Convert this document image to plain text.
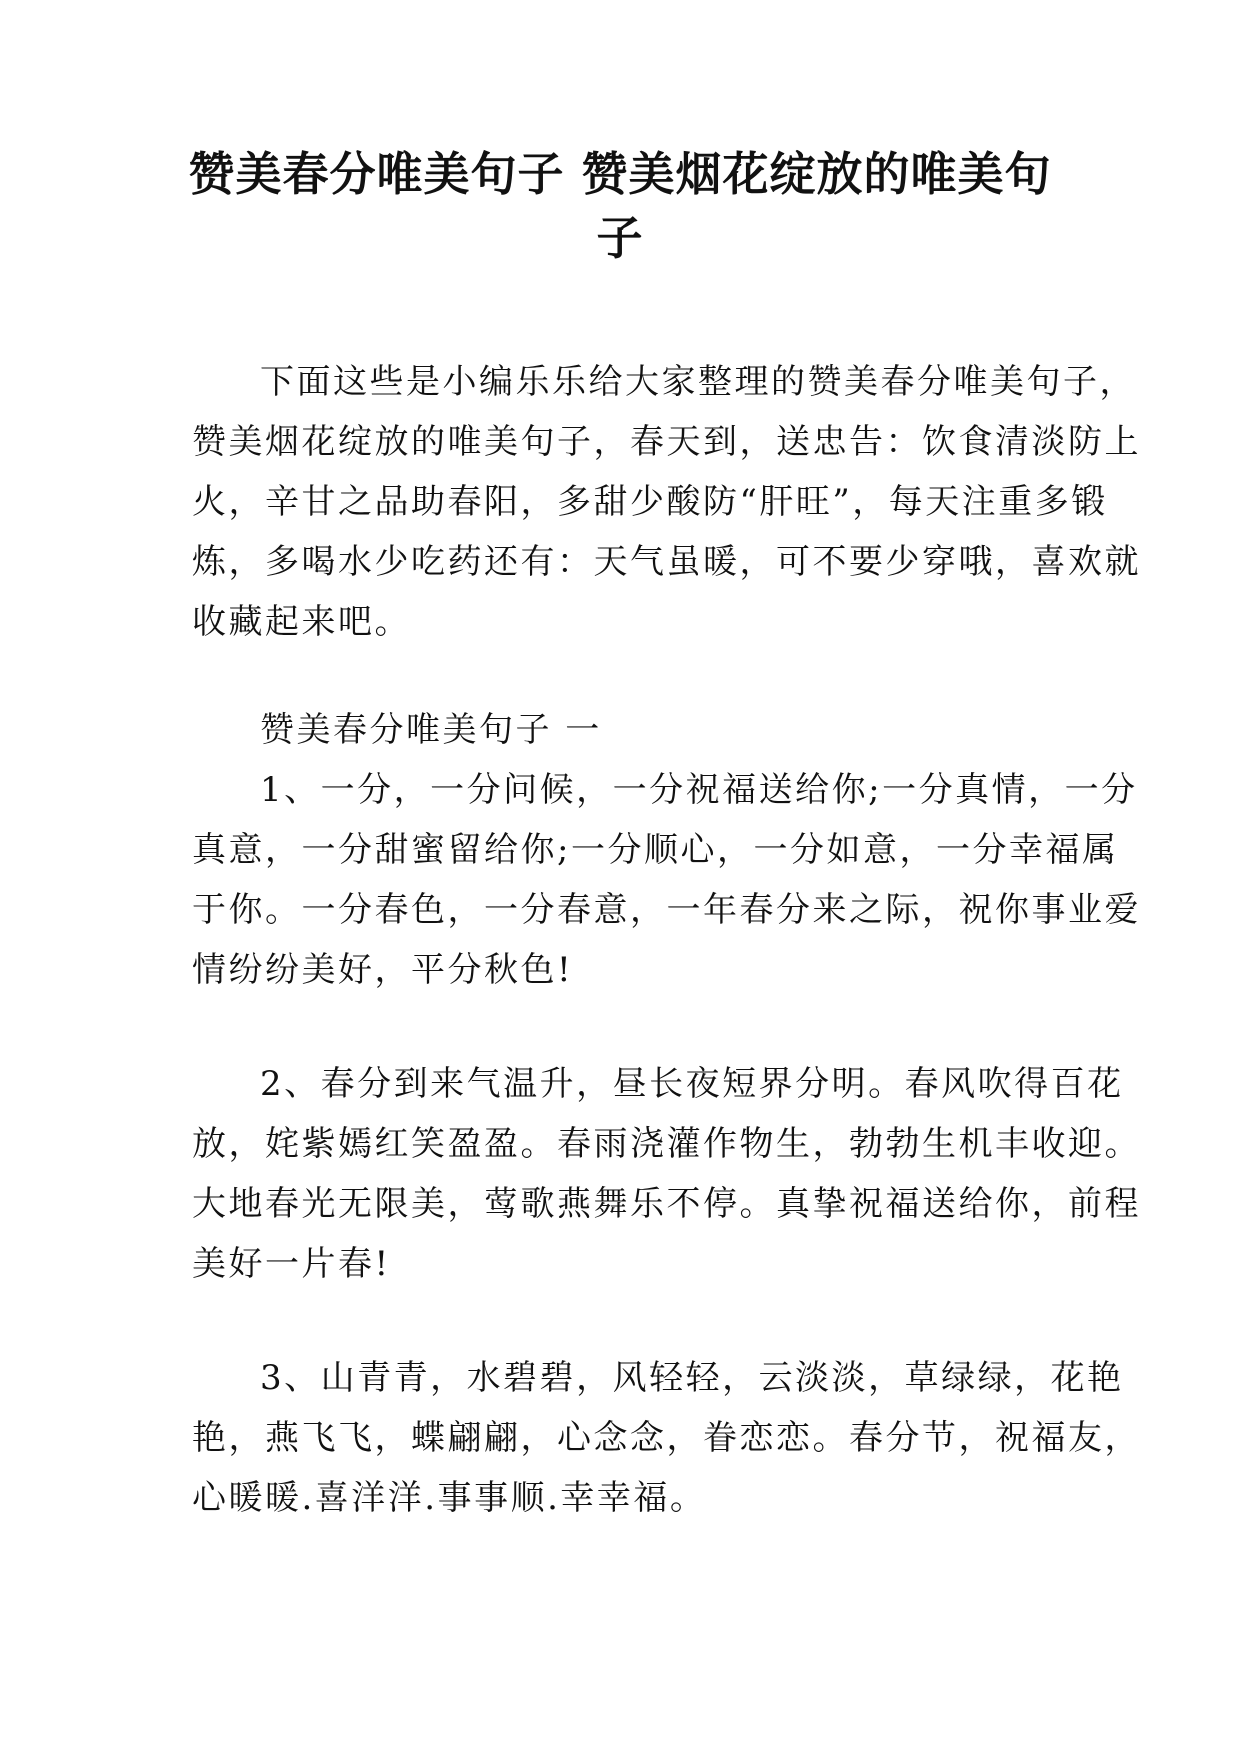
赞美春分唯美句子 赞美烟花绽放的唯美句
子
下面这些是小编乐乐给大家整理的赞美春分唯美句子，
赞美烟花绽放的唯美句子，春天到，送忠告：饮食清淡防上
火，辛甘之品助春阳，多甜少酸防“肝旺”，每天注重多锻
炼，多喝水少吃药还有：天气虽暖，可不要少穿哦，喜欢就
收藏起来吧。
赞美春分唯美句子 一
1、一分，一分问候，一分祝福送给你;一分真情，一分
真意，一分甜蜜留给你;一分顺心，一分如意，一分幸福属
于你。一分春色，一分春意，一年春分来之际，祝你事业爱
情纷纷美好，平分秋色!
2、春分到来气温升，昼长夜短界分明。春风吹得百花
放，姹紫嫣红笑盈盈。春雨浇灌作物生，勃勃生机丰收迎。
大地春光无限美，莺歌燕舞乐不停。真挚祝福送给你，前程
美好一片春!
3、山青青，水碧碧，风轻轻，云淡淡，草绿绿，花艳
艳，燕飞飞，蝶翩翩，心念念，眷恋恋。春分节，祝福友，
心暖暖.喜洋洋.事事顺.幸幸福。
